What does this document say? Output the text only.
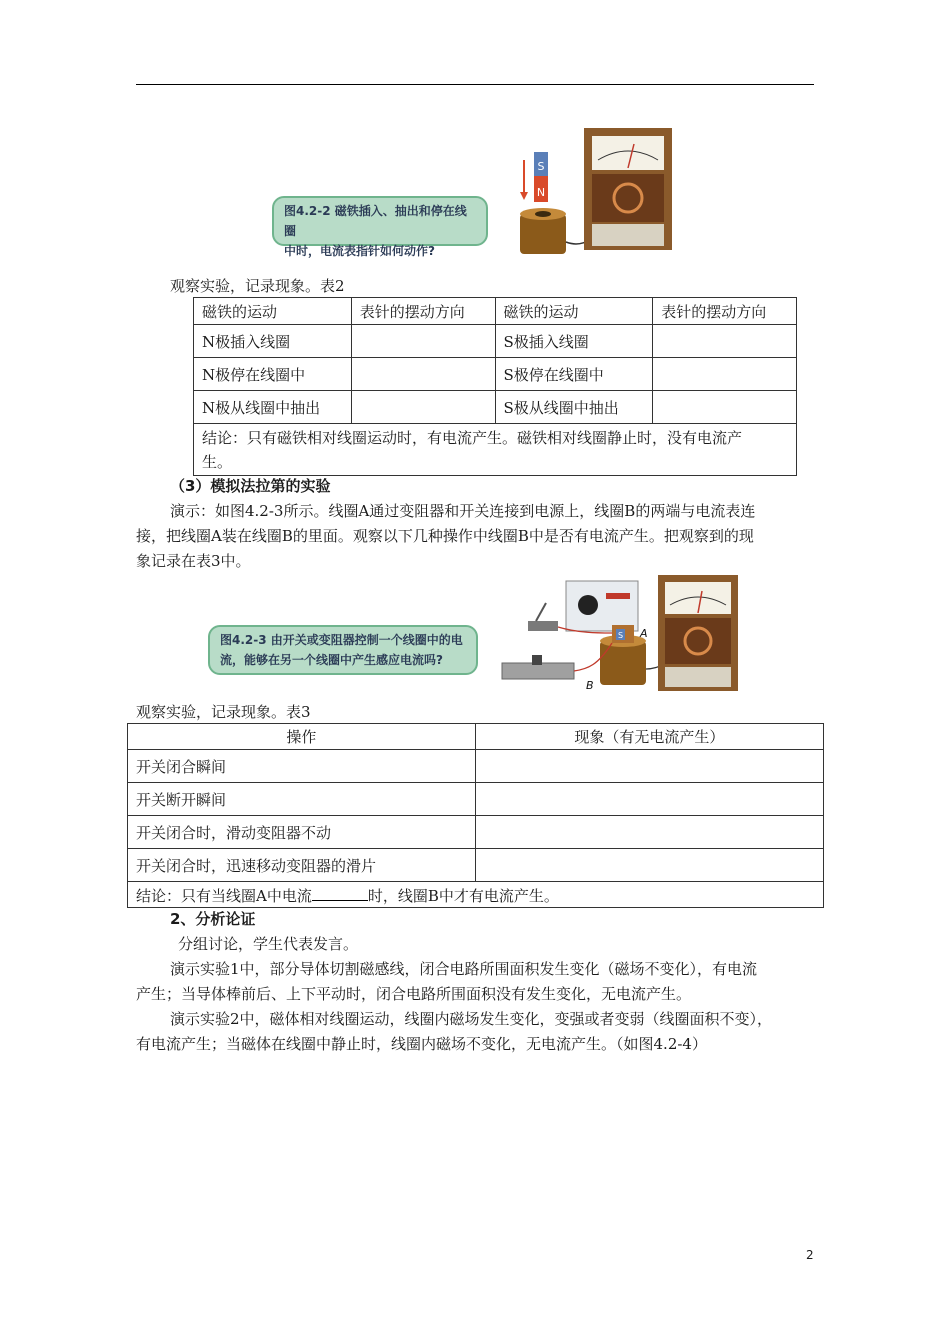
图4.2-2 磁铁插入、抽出和停在线圈
中时，电流表指针如何动作?
S
N
观察实验，记录现象。表2
磁铁的运动	表针的摆动方向	磁铁的运动	表针的摆动方向
N极插入线圈		S极插入线圈	
N极停在线圈中		S极停在线圈中	
N极从线圈中抽出		S极从线圈中抽出	

结论：只有磁铁相对线圈运动时，有电流产生。磁铁相对线圈静止时，没有电流产
生。			
（3）模拟法拉第的实验
演示：如图4.2-3所示。线圈A通过变阻器和开关连接到电源上，线圈B的两端与电流表连
接，把线圈A装在线圈B的里面。观察以下几种操作中线圈B中是否有电流产生。把观察到的现
象记录在表3中。
图4.2-3 由开关或变阻器控制一个线圈中的电
流，能够在另一个线圈中产生感应电流吗?
A
B
S
观察实验，记录现象。表3
操作	现象（有无电流产生）
开关闭合瞬间	
开关断开瞬间	
开关闭合时，滑动变阻器不动	
开关闭合时，迅速移动变阻器的滑片	
结论：只有当线圈A中电流 时，线圈B中才有电流产生。	
2、分析论证
分组讨论，学生代表发言。
演示实验1中，部分导体切割磁感线，闭合电路所围面积发生变化（磁场不变化），有电流
产生；当导体棒前后、上下平动时，闭合电路所围面积没有发生变化，无电流产生。
演示实验2中，磁体相对线圈运动，线圈内磁场发生变化，变强或者变弱（线圈面积不变），
有电流产生；当磁体在线圈中静止时，线圈内磁场不变化，无电流产生。（如图4.2-4）
2
